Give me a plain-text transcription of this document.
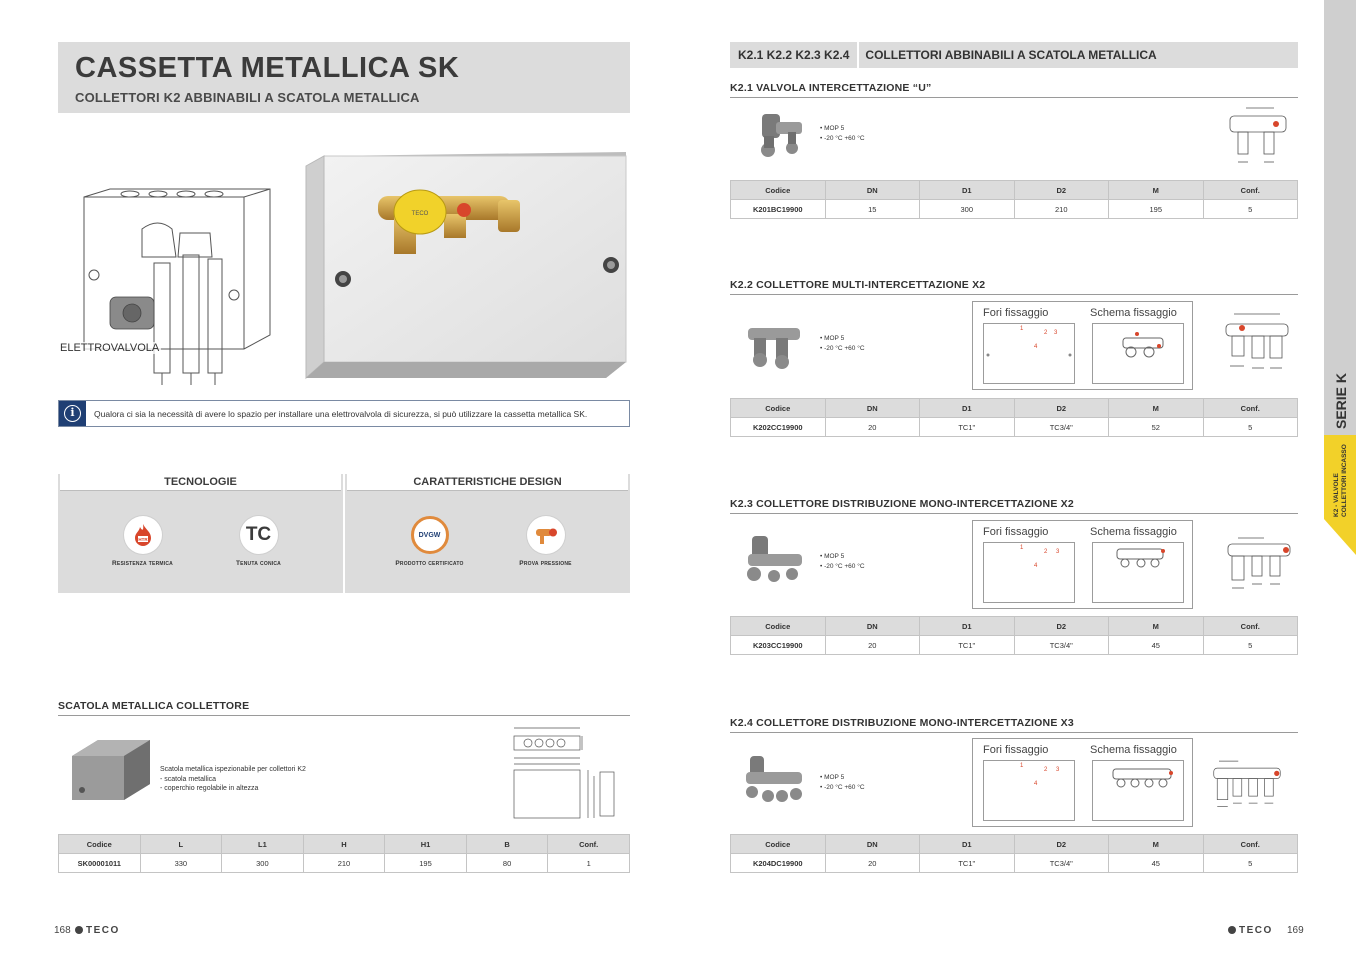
CASSETTA METALLICA SK
COLLETTORI K2 ABBINABILI A SCATOLA METALLICA
ELETTROVALVOLA
TECO
i	Qualora ci sia la necessità di avere lo spazio per installare una elettrovalvola di sicurezza, si può utilizzare la cassetta metallica SK.
TECNOLOGIE
HTR
Resistenza termica
TC
Tenuta conica
CARATTERISTICHE DESIGN
DVGW
Prodotto certificato	Prova pressione
SCATOLA METALLICA COLLETTORE
Scatola metallica ispezionabile per collettori K2
- scatola metallica
- coperchio regolabile in altezza
Codice	L	L1	H	H1	B	Conf.
SK00001011	330	300	210	195	80	1
168	TECO
K2.1 K2.2 K2.3 K2.4	COLLETTORI ABBINABILI A SCATOLA METALLICA
K2.1 VALVOLA INTERCETTAZIONE “U”
• MOP 5
• -20 °C +60 °C
Codice	DN	D1	D2	M	Conf.
K201BC19900	15	300	210	195	5
K2.2 COLLETTORE MULTI-INTERCETTAZIONE X2
• MOP 5
• -20 °C +60 °C
Fori fissaggio	Schema fissaggio
1
2 3
4
Codice	DN	D1	D2	M	Conf.
K202CC19900	20	TC1"	TC3/4"	52	5
K2.3 COLLETTORE DISTRIBUZIONE MONO-INTERCETTAZIONE X2
• MOP 5
• -20 °C +60 °C
Fori fissaggio	Schema fissaggio
1
2 3
4
Codice	DN	D1	D2	M	Conf.
K203CC19900	20	TC1"	TC3/4"	45	5
K2.4 COLLETTORE DISTRIBUZIONE MONO-INTERCETTAZIONE X3
• MOP 5
• -20 °C +60 °C
Fori fissaggio	Schema fissaggio
1
2 3
4
Codice	DN	D1	D2	M	Conf.
K204DC19900	20	TC1"	TC3/4"	45	5
TECO 169
SERIE K
K2 - VALVOLE COLLETTORI INCASSO
